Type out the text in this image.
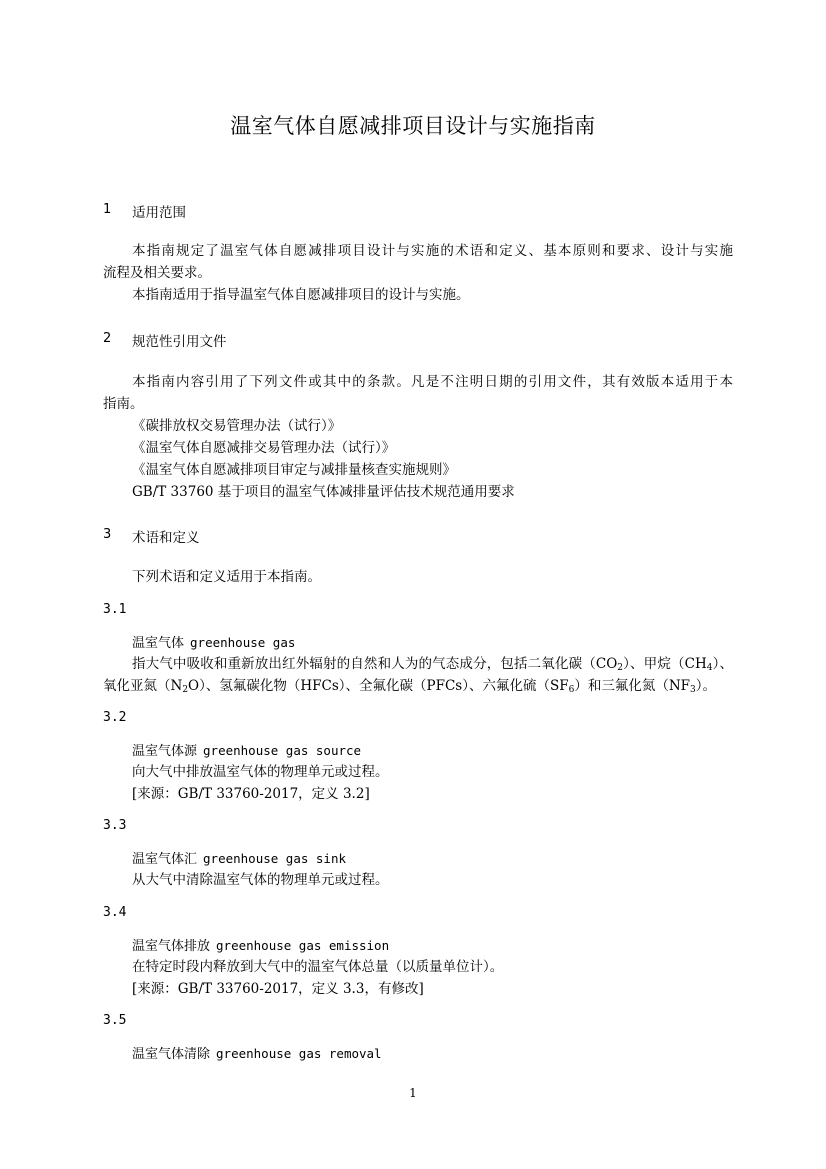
温室气体自愿减排项目设计与实施指南
1 适用范围
本指南规定了温室气体自愿减排项目设计与实施的术语和定义、基本原则和要求、设计与实施
流程及相关要求。
本指南适用于指导温室气体自愿减排项目的设计与实施。
2 规范性引用文件
本指南内容引用了下列文件或其中的条款。凡是不注明日期的引用文件，其有效版本适用于本
指南。
《碳排放权交易管理办法（试行）》
《温室气体自愿减排交易管理办法（试行）》
《温室气体自愿减排项目审定与减排量核查实施规则》
GB/T 33760 基于项目的温室气体减排量评估技术规范通用要求
3 术语和定义
下列术语和定义适用于本指南。
3.1
温室气体 greenhouse gas
指大气中吸收和重新放出红外辐射的自然和人为的气态成分，包括二氧化碳$(CO_2)$、甲烷$(CH_4)$、
氧化亚氮$(N_2O)$、氢氟碳化物（HFCs）、全氟化碳（PFCs）、六氟化硫$(SF_6)$和三氟化氮$(NF_3)$。
3.2
温室气体源 greenhouse gas source
向大气中排放温室气体的物理单元或过程。
[来源：GB/T 33760-2017，定义 3.2]
3.3
温室气体汇 greenhouse gas sink
从大气中清除温室气体的物理单元或过程。
3.4
温室气体排放 greenhouse gas emission
在特定时段内释放到大气中的温室气体总量（以质量单位计）。
[来源：GB/T 33760-2017，定义 3.3，有修改]
3.5
温室气体清除 greenhouse gas removal
1
